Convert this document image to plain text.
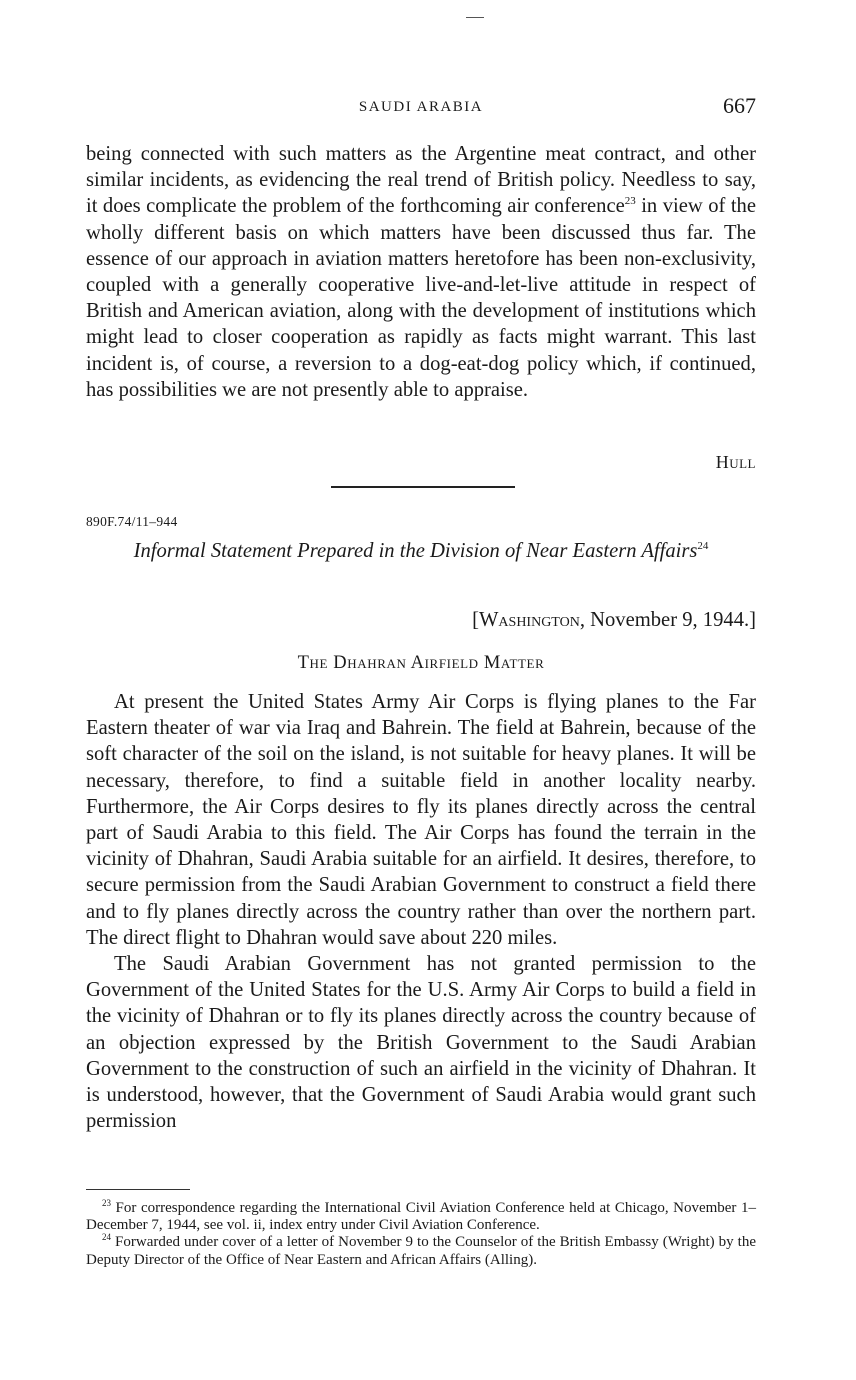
SAUDI ARABIA	667

being connected with such matters as the Argentine meat contract, and other similar incidents, as evidencing the real trend of British policy. Needless to say, it does complicate the problem of the forthcoming air conference$^{23}$ in view of the wholly different basis on which matters have been discussed thus far. The essence of our approach in aviation matters heretofore has been non-exclusivity, coupled with a generally cooperative live-and-let-live attitude in respect of British and American aviation, along with the development of institutions which might lead to closer cooperation as rapidly as facts might warrant. This last incident is, of course, a reversion to a dog-eat-dog policy which, if continued, has possibilities we are not presently able to appraise.

Hull
890F.74/11–944
Informal Statement Prepared in the Division of Near Eastern Affairs$^{24}$
[Washington, November 9, 1944.]
The Dhahran Airfield Matter

At present the United States Army Air Corps is flying planes to the Far Eastern theater of war via Iraq and Bahrein. The field at Bahrein, because of the soft character of the soil on the island, is not suitable for heavy planes. It will be necessary, therefore, to find a suitable field in another locality nearby. Furthermore, the Air Corps desires to fly its planes directly across the central part of Saudi Arabia to this field. The Air Corps has found the terrain in the vicinity of Dhahran, Saudi Arabia suitable for an airfield. It desires, therefore, to secure permission from the Saudi Arabian Government to construct a field there and to fly planes directly across the country rather than over the northern part. The direct flight to Dhahran would save about 220 miles.

The Saudi Arabian Government has not granted permission to the Government of the United States for the U.S. Army Air Corps to build a field in the vicinity of Dhahran or to fly its planes directly across the country because of an objection expressed by the British Government to the Saudi Arabian Government to the construction of such an airfield in the vicinity of Dhahran. It is understood, however, that the Government of Saudi Arabia would grant such permission

$^{23}$ For correspondence regarding the International Civil Aviation Conference held at Chicago, November 1–December 7, 1944, see vol. ii, index entry under Civil Aviation Conference.

$^{24}$ Forwarded under cover of a letter of November 9 to the Counselor of the British Embassy (Wright) by the Deputy Director of the Office of Near Eastern and African Affairs (Alling).
